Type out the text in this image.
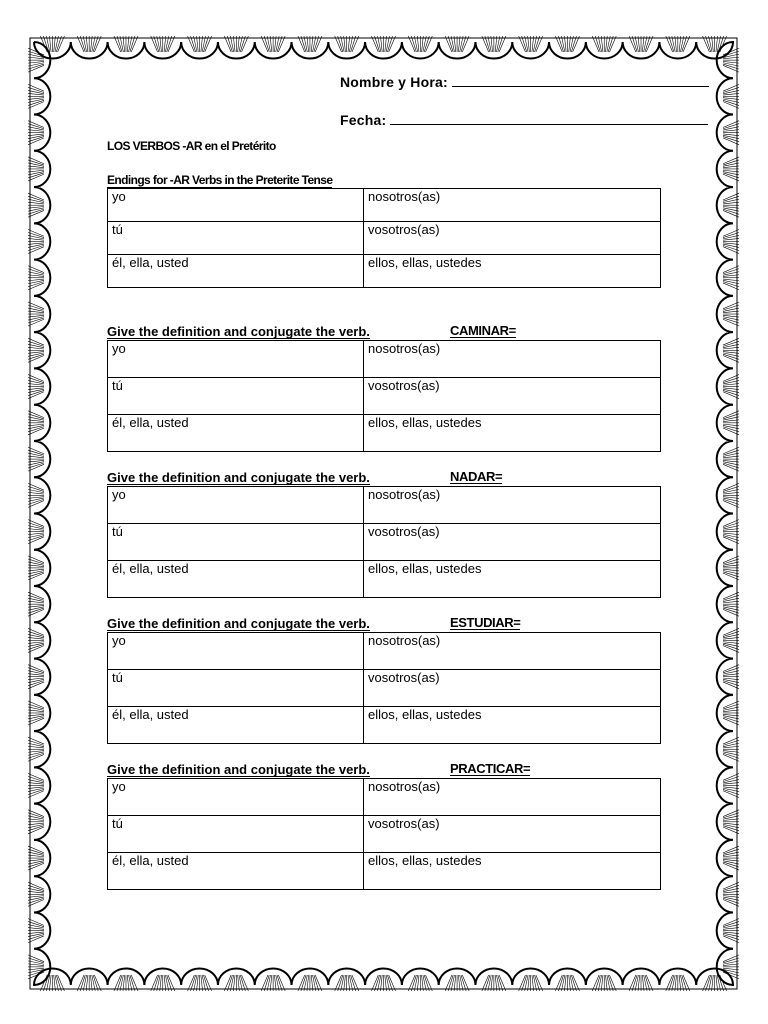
Nombre y Hora:
Fecha:
LOS VERBOS -AR en el Pretérito
Endings for -AR Verbs in the Preterite Tense
yo	nosotros(as)
tú	vosotros(as)
él, ella, usted	ellos, ellas, ustedes
Give the definition and conjugate the verb.	CAMINAR=
yo	nosotros(as)
tú	vosotros(as)
él, ella, usted	ellos, ellas, ustedes
Give the definition and conjugate the verb.	NADAR=
yo	nosotros(as)
tú	vosotros(as)
él, ella, usted	ellos, ellas, ustedes
Give the definition and conjugate the verb.	ESTUDIAR=
yo	nosotros(as)
tú	vosotros(as)
él, ella, usted	ellos, ellas, ustedes
Give the definition and conjugate the verb.	PRACTICAR=
yo	nosotros(as)
tú	vosotros(as)
él, ella, usted	ellos, ellas, ustedes
